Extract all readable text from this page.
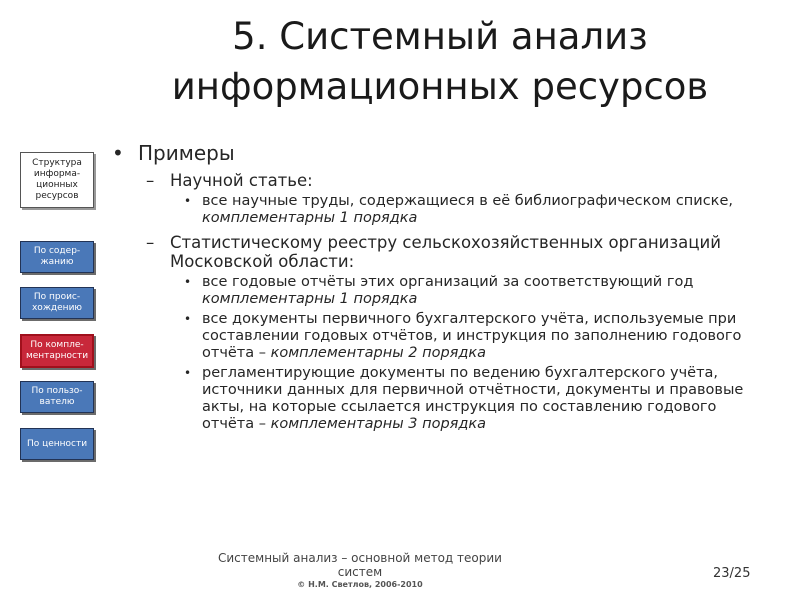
5. Системный анализ
информационных ресурсов
Структура информа-ционных ресурсов
По содер-жанию
По проис-хождению
По компле-ментарности
По пользо-вателю
По ценности
• Примеры
– Научной статье:
• все научные труды, содержащиеся в её библиографическом списке, комплементарны 1 порядка
– Статистическому реестру сельскохозяйственных организаций Московской области:
• все годовые отчёты этих организаций за соответствующий год комплементарны 1 порядка
• все документы первичного бухгалтерского учёта, используемые при составлении годовых отчётов, и инструкция по заполнению годового отчёта – комплементарны 2 порядка
• регламентирующие документы по ведению бухгалтерского учёта, источники данных для первичной отчётности, документы и правовые акты, на которые ссылается инструкция по составлению годового отчёта – комплементарны 3 порядка
Системный анализ – основной метод теории
систем
© Н.М. Светлов, 2006-2010
23/25
